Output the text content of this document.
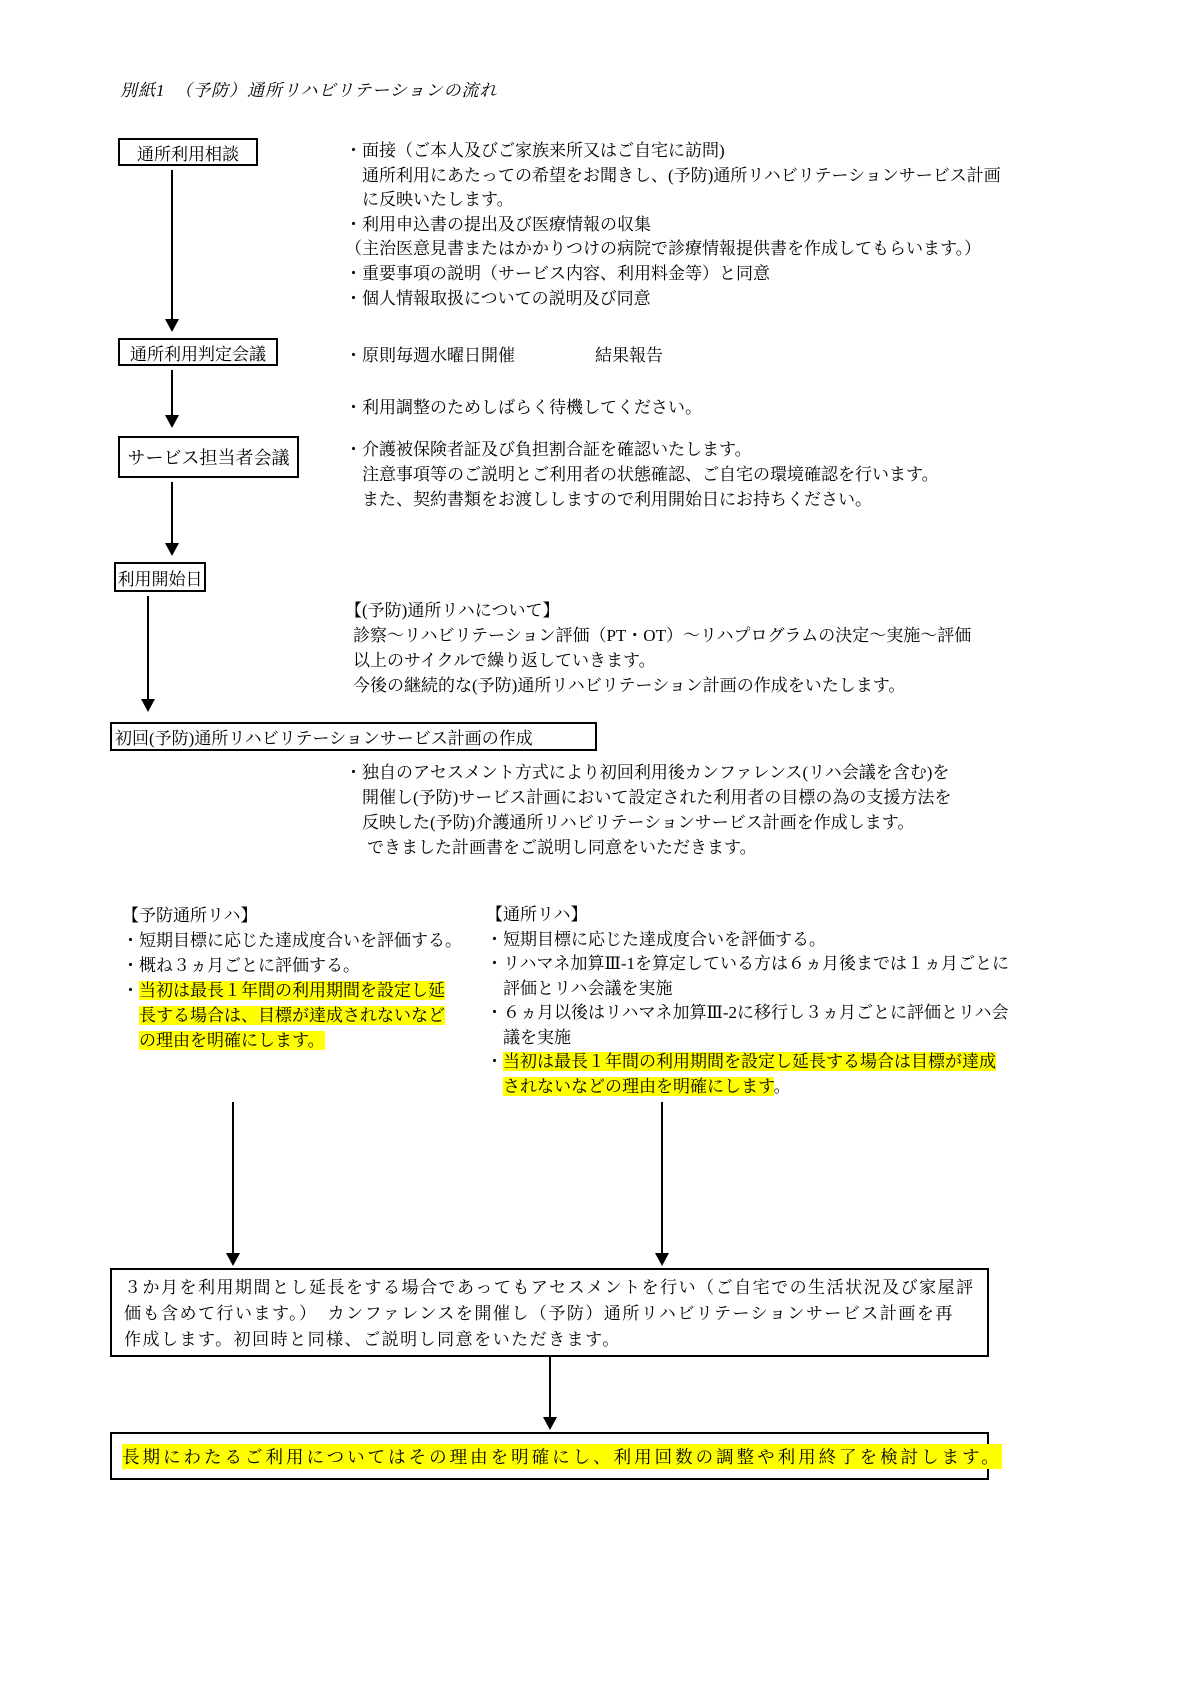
別紙1　（予防）通所リハビリテーションの流れ
通所利用相談
通所利用判定会議
サービス担当者会議
利用開始日
初回(予防)通所リハビリテーションサービス計画の作成
・面接（ご本人及びご家族来所又はご自宅に訪問)
通所利用にあたっての希望をお聞きし、(予防)通所リハビリテーションサービス計画
に反映いたします。
・利用申込書の提出及び医療情報の収集
（主治医意見書またはかかりつけの病院で診療情報提供書を作成してもらいます。）
・重要事項の説明（サービス内容、利用料金等）と同意
・個人情報取扱についての説明及び同意
・原則毎週水曜日開催	結果報告
・利用調整のためしばらく待機してください。
・介護被保険者証及び負担割合証を確認いたします。
注意事項等のご説明とご利用者の状態確認、ご自宅の環境確認を行います。
また、契約書類をお渡ししますので利用開始日にお持ちください。
【(予防)通所リハについて】
診察～リハビリテーション評価（PT・OT）～リハプログラムの決定～実施～評価
以上のサイクルで繰り返していきます。
今後の継続的な(予防)通所リハビリテーション計画の作成をいたします。
・独自のアセスメント方式により初回利用後カンファレンス(リハ会議を含む)を
開催し(予防)サービス計画において設定された利用者の目標の為の支援方法を
反映した(予防)介護通所リハビリテーションサービス計画を作成します。
できました計画書をご説明し同意をいただきます。
【予防通所リハ】
・短期目標に応じた達成度合いを評価する。
・概ね３ヵ月ごとに評価する。
・当初は最長１年間の利用期間を設定し延
長する場合は、目標が達成されないなど
の理由を明確にします。
【通所リハ】
・短期目標に応じた達成度合いを評価する。
・リハマネ加算Ⅲ-1を算定している方は６ヵ月後までは１ヵ月ごとに
評価とリハ会議を実施
・６ヵ月以後はリハマネ加算Ⅲ-2に移行し３ヵ月ごとに評価とリハ会
議を実施
・当初は最長１年間の利用期間を設定し延長する場合は目標が達成
されないなどの理由を明確にします。
３か月を利用期間とし延長をする場合であってもアセスメントを行い（ご自宅での生活状況及び家屋評
価も含めて行います。）　カンファレンスを開催し（予防）通所リハビリテーションサービス計画を再
作成します。初回時と同様、ご説明し同意をいただきます。
長期にわたるご利用についてはその理由を明確にし、利用回数の調整や利用終了を検討します。
